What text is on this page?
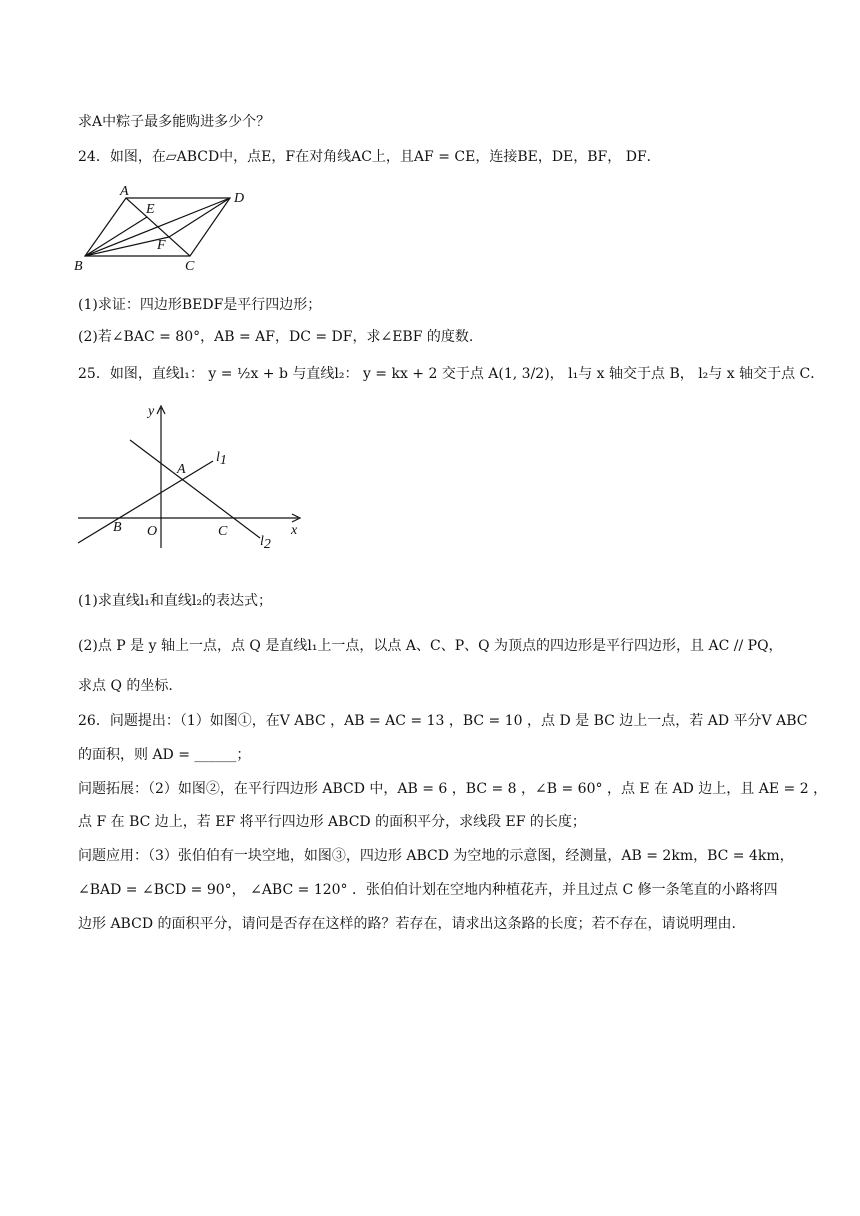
求A中粽子最多能购进多少个？
24．如图，在▱ABCD中，点E，F在对角线AC上，且AF = CE，连接BE，DE，BF， DF．
A	D
E
F
B	C
(1)求证：四边形BEDF是平行四边形；
(2)若∠BAC = 80°，AB = AF，DC = DF，求∠EBF 的度数.
25．如图，直线l₁： y = ½x + b 与直线l₂： y = kx + 2 交于点 A(1, 3/2)， l₁与 x 轴交于点 B， l₂与 x 轴交于点 C．
y
x
O
A
B	C
l1
l2
(1)求直线l₁和直线l₂的表达式；
(2)点 P 是 y 轴上一点，点 Q 是直线l₁上一点，以点 A、C、P、Q 为顶点的四边形是平行四边形，且 AC // PQ，
求点 Q 的坐标.
26．问题提出：（1）如图①，在V ABC ，AB = AC = 13 ，BC = 10 ，点 D 是 BC 边上一点，若 AD 平分V ABC
的面积，则 AD = ______；
问题拓展：（2）如图②，在平行四边形 ABCD 中，AB = 6 ，BC = 8 ，∠B = 60° ，点 E 在 AD 边上，且 AE = 2 ，
点 F 在 BC 边上，若 EF 将平行四边形 ABCD 的面积平分，求线段 EF 的长度；
问题应用：（3）张伯伯有一块空地，如图③，四边形 ABCD 为空地的示意图，经测量，AB = 2km，BC = 4km，
∠BAD = ∠BCD = 90°， ∠ABC = 120° ．张伯伯计划在空地内种植花卉，并且过点 C 修一条笔直的小路将四
边形 ABCD 的面积平分，请问是否存在这样的路？若存在，请求出这条路的长度；若不存在，请说明理由.
